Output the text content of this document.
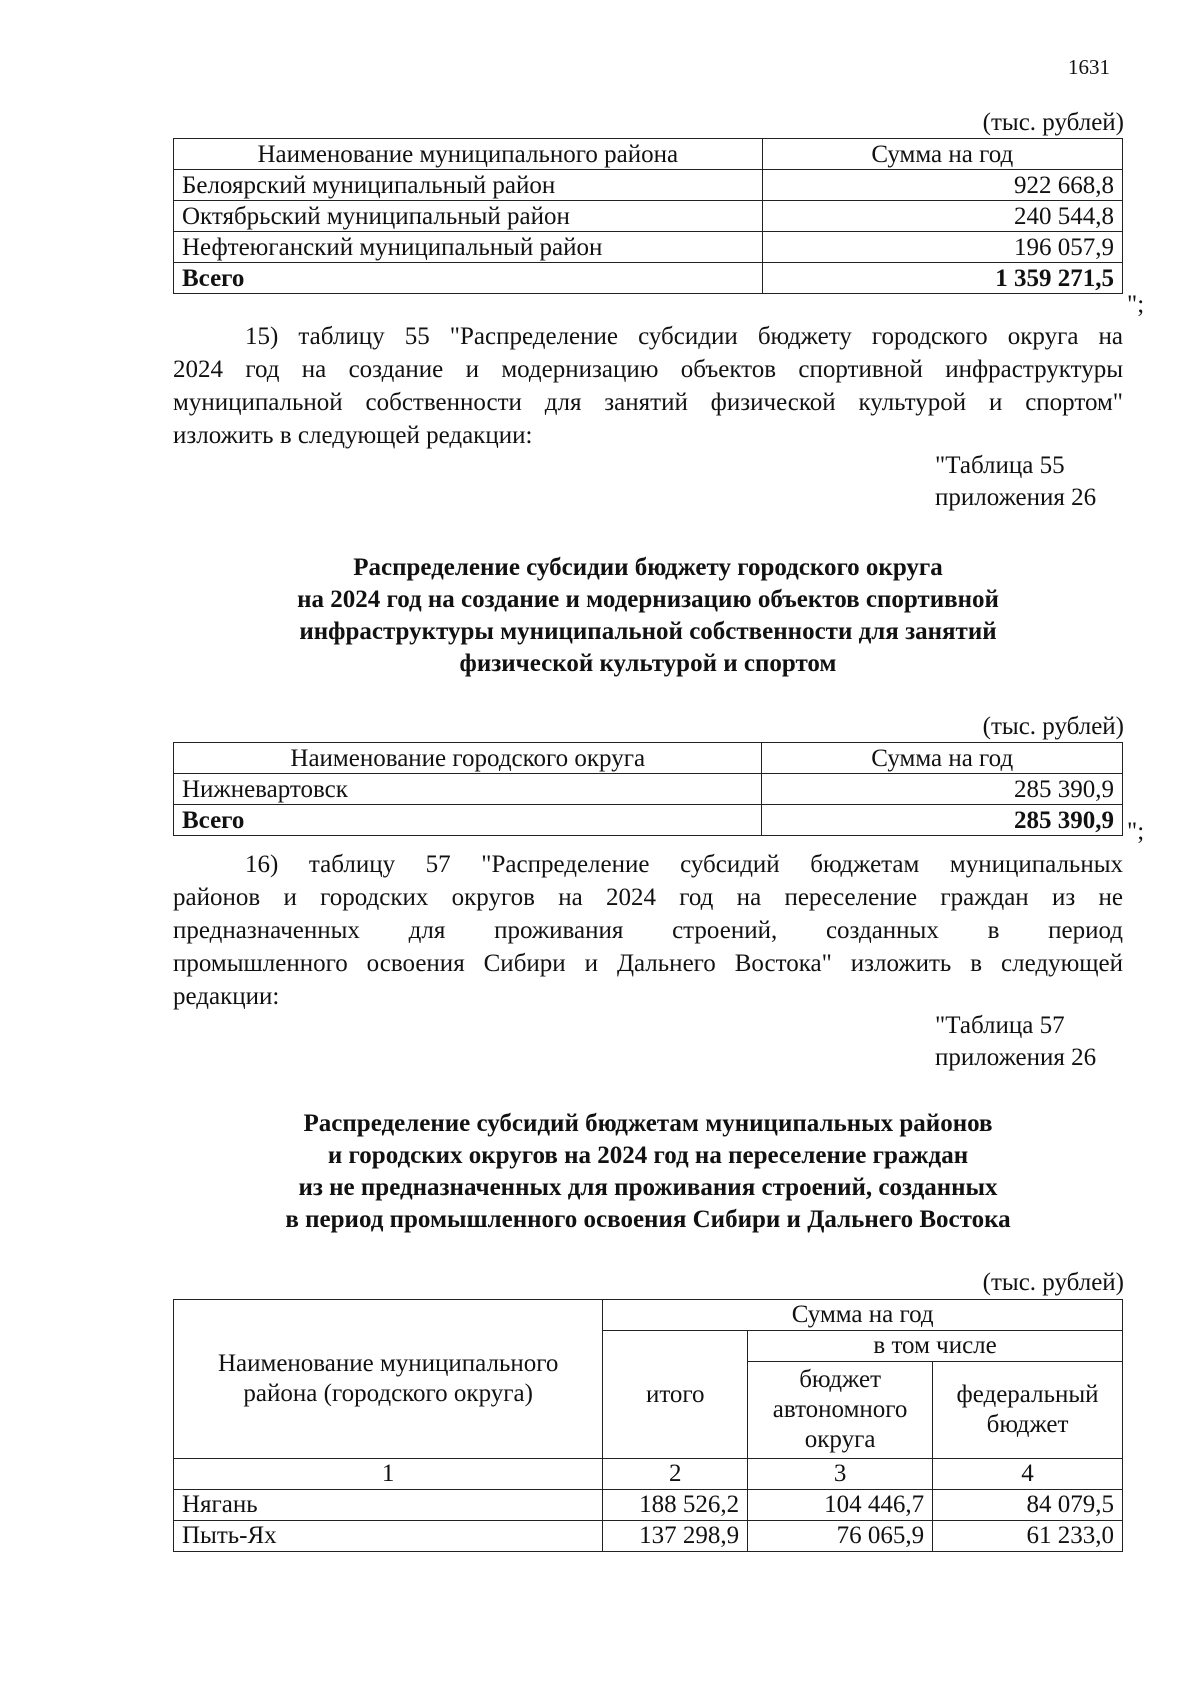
1631
(тыс. рублей)
Наименование муниципального района	Сумма на год
Белоярский муниципальный район	922 668,8
Октябрьский муниципальный район	240 544,8
Нефтеюганский муниципальный район	196 057,9
Всего	1 359 271,5
";
15) таблицу 55 "Распределение субсидии бюджету городского округа на
2024 год на создание и модернизацию объектов спортивной инфраструктуры
муниципальной собственности для занятий физической культурой и спортом"
изложить в следующей редакции:
"Таблица 55
приложения 26
Распределение субсидии бюджету городского округа
на 2024 год на создание и модернизацию объектов спортивной
инфраструктуры муниципальной собственности для занятий
физической культурой и спортом
(тыс. рублей)
Наименование городского округа	Сумма на год
Нижневартовск	285 390,9
Всего	285 390,9 ";
16) таблицу 57 "Распределение субсидий бюджетам муниципальных
районов и городских округов на 2024 год на переселение граждан из не
предназначенных для проживания строений, созданных в период
промышленного освоения Сибири и Дальнего Востока" изложить в следующей
редакции:
"Таблица 57
приложения 26
Распределение субсидий бюджетам муниципальных районов
и городских округов на 2024 год на переселение граждан
из не предназначенных для проживания строений, созданных
в период промышленного освоения Сибири и Дальнего Востока
(тыс. рублей)
Наименование муниципального района (городского округа)	Сумма на год		
	итого	в том числе	
		бюджет автономного округа	федеральный бюджет
1	2	3	4
Нягань	188 526,2	104 446,7	84 079,5
Пыть-Ях	137 298,9	76 065,9	61 233,0
